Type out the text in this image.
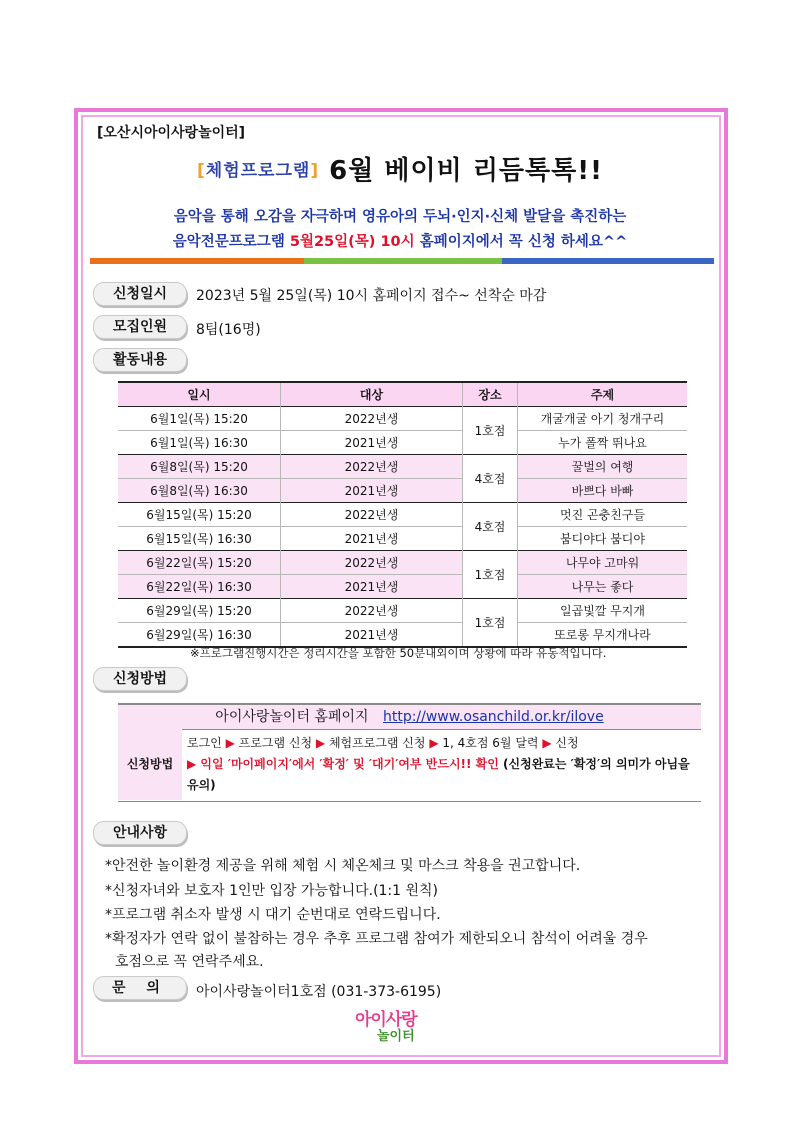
[오산시아이사랑놀이터]
[체험프로그램] 6월 베이비 리듬톡톡!!
음악을 통해 오감을 자극하며 영유아의 두뇌·인지·신체 발달을 촉진하는
음악전문프로그램 5월25일(목) 10시 홈페이지에서 꼭 신청 하세요^^
신청일시	2023년 5월 25일(목) 10시 홈페이지 접수~ 선착순 마감
모집인원	8팀(16명)
활동내용
일시	대상	장소	주제
6월1일(목) 15:20	2022년생	1호점	개굴개굴 아기 청개구리
6월1일(목) 16:30	2021년생		누가 폴짝 뛰나요
6월8일(목) 15:20	2022년생	4호점	꿀벌의 여행
6월8일(목) 16:30	2021년생		바쁘다 바빠
6월15일(목) 15:20	2022년생	4호점	멋진 곤충친구들
6월15일(목) 16:30	2021년생		붐디야다 붐디야
6월22일(목) 15:20	2022년생	1호점	나무야 고마워
6월22일(목) 16:30	2021년생		나무는 좋다
6월29일(목) 15:20	2022년생	1호점	일곱빛깔 무지개
6월29일(목) 16:30	2021년생		또로롱 무지개나라
※프로그램진행시간은 정리시간을 포함한 50분내외이며 상황에 따라 유동적입니다.
신청방법
아이사랑놀이터 홈페이지 http://www.osanchild.or.kr/ilove
신청방법
로그인 ▶ 프로그램 신청 ▶ 체험프로그램 신청 ▶ 1, 4호점 6월 달력 ▶ 신청
▶ 익일 ′마이페이지′에서 ′확정′ 및 ′대기′여부 반드시!! 확인 (신청완료는 ′확정′의 의미가 아님을 유의)
안내사항
*안전한 놀이환경 제공을 위해 체험 시 체온체크 및 마스크 착용을 권고합니다.
*신청자녀와 보호자 1인만 입장 가능합니다.(1:1 원칙)
*프로그램 취소자 발생 시 대기 순번대로 연락드립니다.
*확정자가 연락 없이 불참하는 경우 추후 프로그램 참여가 제한되오니 참석이 어려울 경우
호점으로 꼭 연락주세요.
문 의	아이사랑놀이터1호점 (031-373-6195)
아이사랑
놀이터
